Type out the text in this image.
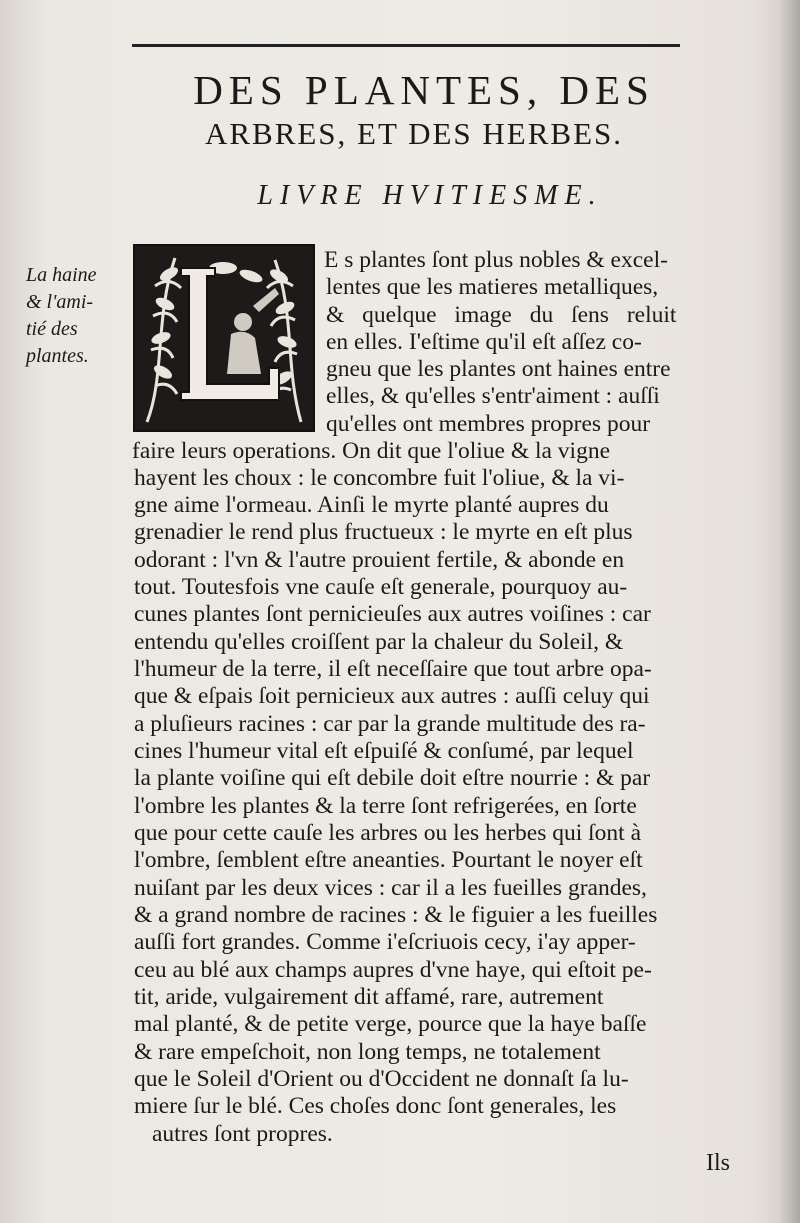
DES PLANTES, DES
ARBRES, ET DES HERBES.
LIVRE HVITIESME.
La haine
& l'ami-
tié des
plantes.
E s plantes ſont plus nobles & excel-
lentes que les matieres metalliques,
& quelque image du ſens reluit
en elles. I'eſtime qu'il eſt aſſez co-
gneu que les plantes ont haines entre
elles, & qu'elles s'entr'aiment : auſſi
qu'elles ont membres propres pour
faire leurs operations. On dit que l'oliue & la vigne
hayent les choux : le concombre fuit l'oliue, & la vi-
gne aime l'ormeau. Ainſi le myrte planté aupres du
grenadier le rend plus fructueux : le myrte en eſt plus
odorant : l'vn & l'autre prouient fertile, & abonde en
tout. Toutesfois vne cauſe eſt generale, pourquoy au-
cunes plantes ſont pernicieuſes aux autres voiſines : car
entendu qu'elles croiſſent par la chaleur du Soleil, &
l'humeur de la terre, il eſt neceſſaire que tout arbre opa-
que & eſpais ſoit pernicieux aux autres : auſſi celuy qui
a pluſieurs racines : car par la grande multitude des ra-
cines l'humeur vital eſt eſpuiſé & conſumé, par lequel
la plante voiſine qui eſt debile doit eſtre nourrie : & par
l'ombre les plantes & la terre ſont refrigerées, en ſorte
que pour cette cauſe les arbres ou les herbes qui ſont à
l'ombre, ſemblent eſtre aneanties. Pourtant le noyer eſt
nuiſant par les deux vices : car il a les fueilles grandes,
& a grand nombre de racines : & le figuier a les fueilles
auſſi fort grandes. Comme i'eſcriuois cecy, i'ay apper-
ceu au blé aux champs aupres d'vne haye, qui eſtoit pe-
tit, aride, vulgairement dit affamé, rare, autrement
mal planté, & de petite verge, pource que la haye baſſe
& rare empeſchoit, non long temps, ne totalement
que le Soleil d'Orient ou d'Occident ne donnaſt ſa lu-
miere ſur le blé. Ces choſes donc ſont generales, les
autres ſont propres.
Ils
